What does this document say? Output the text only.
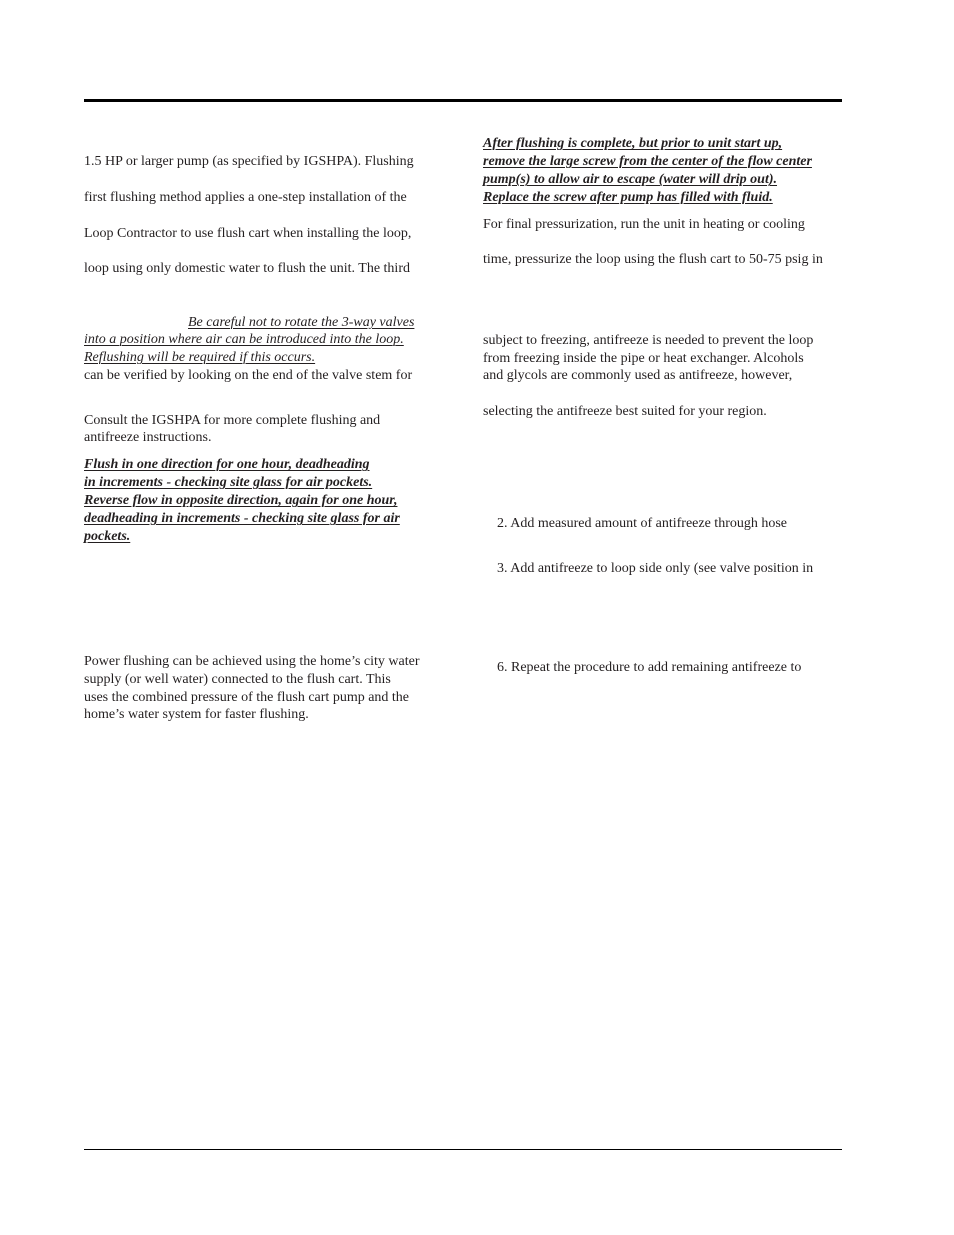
1.5 HP or larger pump (as specified by IGSHPA). Flushing
first flushing method applies a one-step installation of the
Loop Contractor to use flush cart when installing the loop,
loop using only domestic water to flush the unit. The third
Be careful not to rotate the 3-way valves
into a position where air can be introduced into the loop.
Reflushing will be required if this occurs.
can be verified by looking on the end of the valve stem for
Consult the IGSHPA for more complete flushing and
antifreeze instructions.
Flush in one direction for one hour, deadheading
in increments - checking site glass for air pockets.
Reverse flow in opposite direction, again for one hour,
deadheading in increments - checking site glass for air
pockets.
Power flushing can be achieved using the home’s city water
supply (or well water) connected to the flush cart. This
uses the combined pressure of the flush cart pump and the
home’s water system for faster flushing.
After flushing is complete, but prior to unit start up,
remove the large screw from the center of the flow center
pump(s) to allow air to escape (water will drip out).
Replace the screw after pump has filled with fluid.
For final pressurization, run the unit in heating or cooling
time, pressurize the loop using the flush cart to 50-75 psig in
subject to freezing, antifreeze is needed to prevent the loop
from freezing inside the pipe or heat exchanger. Alcohols
and glycols are commonly used as antifreeze, however,
selecting the antifreeze best suited for your region.
2. Add measured amount of antifreeze through hose
3. Add antifreeze to loop side only (see valve position in
6. Repeat the procedure to add remaining antifreeze to
